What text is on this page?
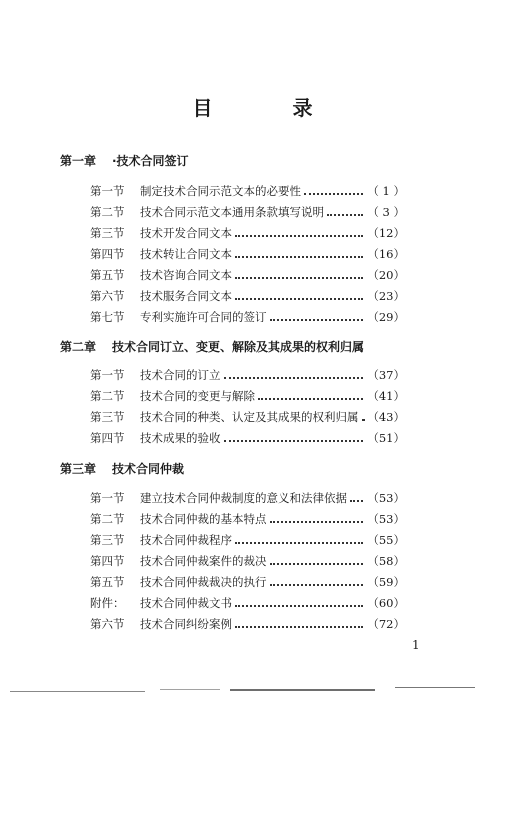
目　录
第一章 ·技术合同签订
第一节	制定技术合同示范文本的必要性	（ 1 ）
第二节	技术合同示范文本通用条款填写说明	（ 3 ）
第三节	技术开发合同文本	（12）
第四节	技术转让合同文本	（16）
第五节	技术咨询合同文本	（20）
第六节	技术服务合同文本	（23）
第七节	专利实施许可合同的签订	（29）
第二章 技术合同订立、变更、解除及其成果的权利归属
第一节	技术合同的订立	（37）
第二节	技术合同的变更与解除	（41）
第三节	技术合同的种类、认定及其成果的权利归属 （43）
第四节	技术成果的验收	（51）
第三章 技术合同仲裁
第一节	建立技术合同仲裁制度的意义和法律依据 （53）
第二节	技术合同仲裁的基本特点	（53）
第三节	技术合同仲裁程序	（55）
第四节	技术合同仲裁案件的裁决	（58）
第五节	技术合同仲裁裁决的执行	（59）
附件：	技术合同仲裁文书	（60）
第六节	技术合同纠纷案例	（72）
1
